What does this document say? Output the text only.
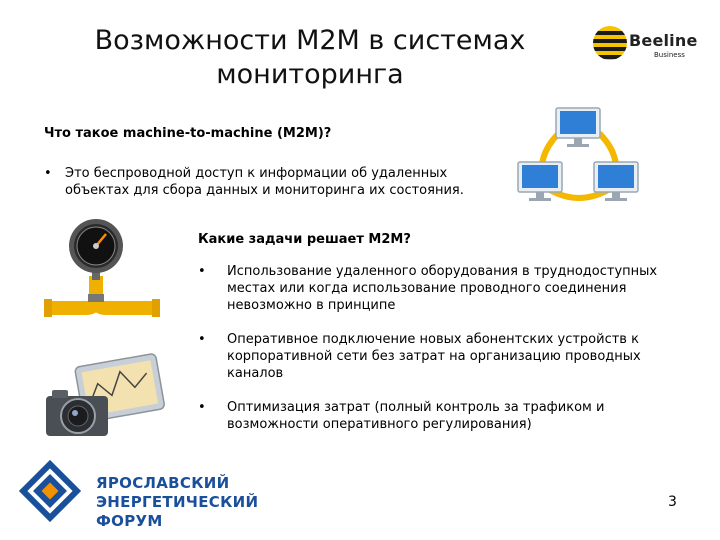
Возможности М2М в системах
мониторинга
Beeline
Business
Что такое machine-to-machine (M2M)?
• Это беспроводной доступ к информации об удаленных объектах для сбора данных и мониторинга их состояния.
Какие задачи решает М2М?
• Использование удаленного оборудования в труднодоступных местах или когда использование проводного соединения невозможно в принципе
• Оперативное подключение новых абонентских устройств к корпоративной сети без затрат на организацию проводных каналов
• Оптимизация затрат (полный контроль за трафиком и возможности оперативного регулирования)
ЯРОСЛАВСКИЙ
ЭНЕРГЕТИЧЕСКИЙ
ФОРУМ
3
